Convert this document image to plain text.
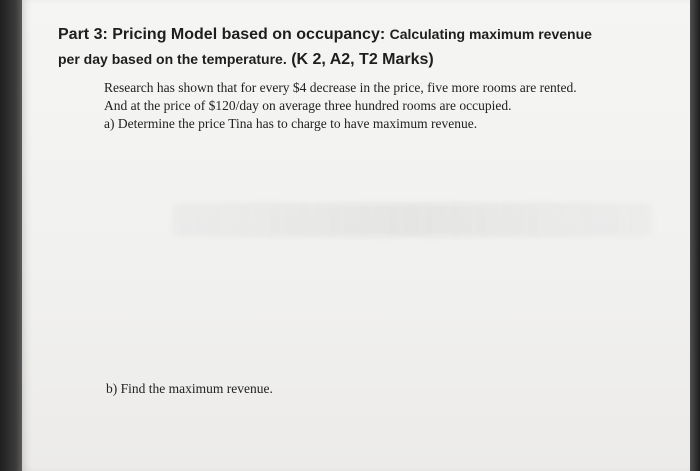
Part 3: Pricing Model based on occupancy: Calculating maximum revenue
per day based on the temperature. (K 2, A2, T2 Marks)

Research has shown that for every $4 decrease in the price, five more rooms are rented.

And at the price of $120/day on average three hundred rooms are occupied.

a) Determine the price Tina has to charge to have maximum revenue.

b) Find the maximum revenue.
